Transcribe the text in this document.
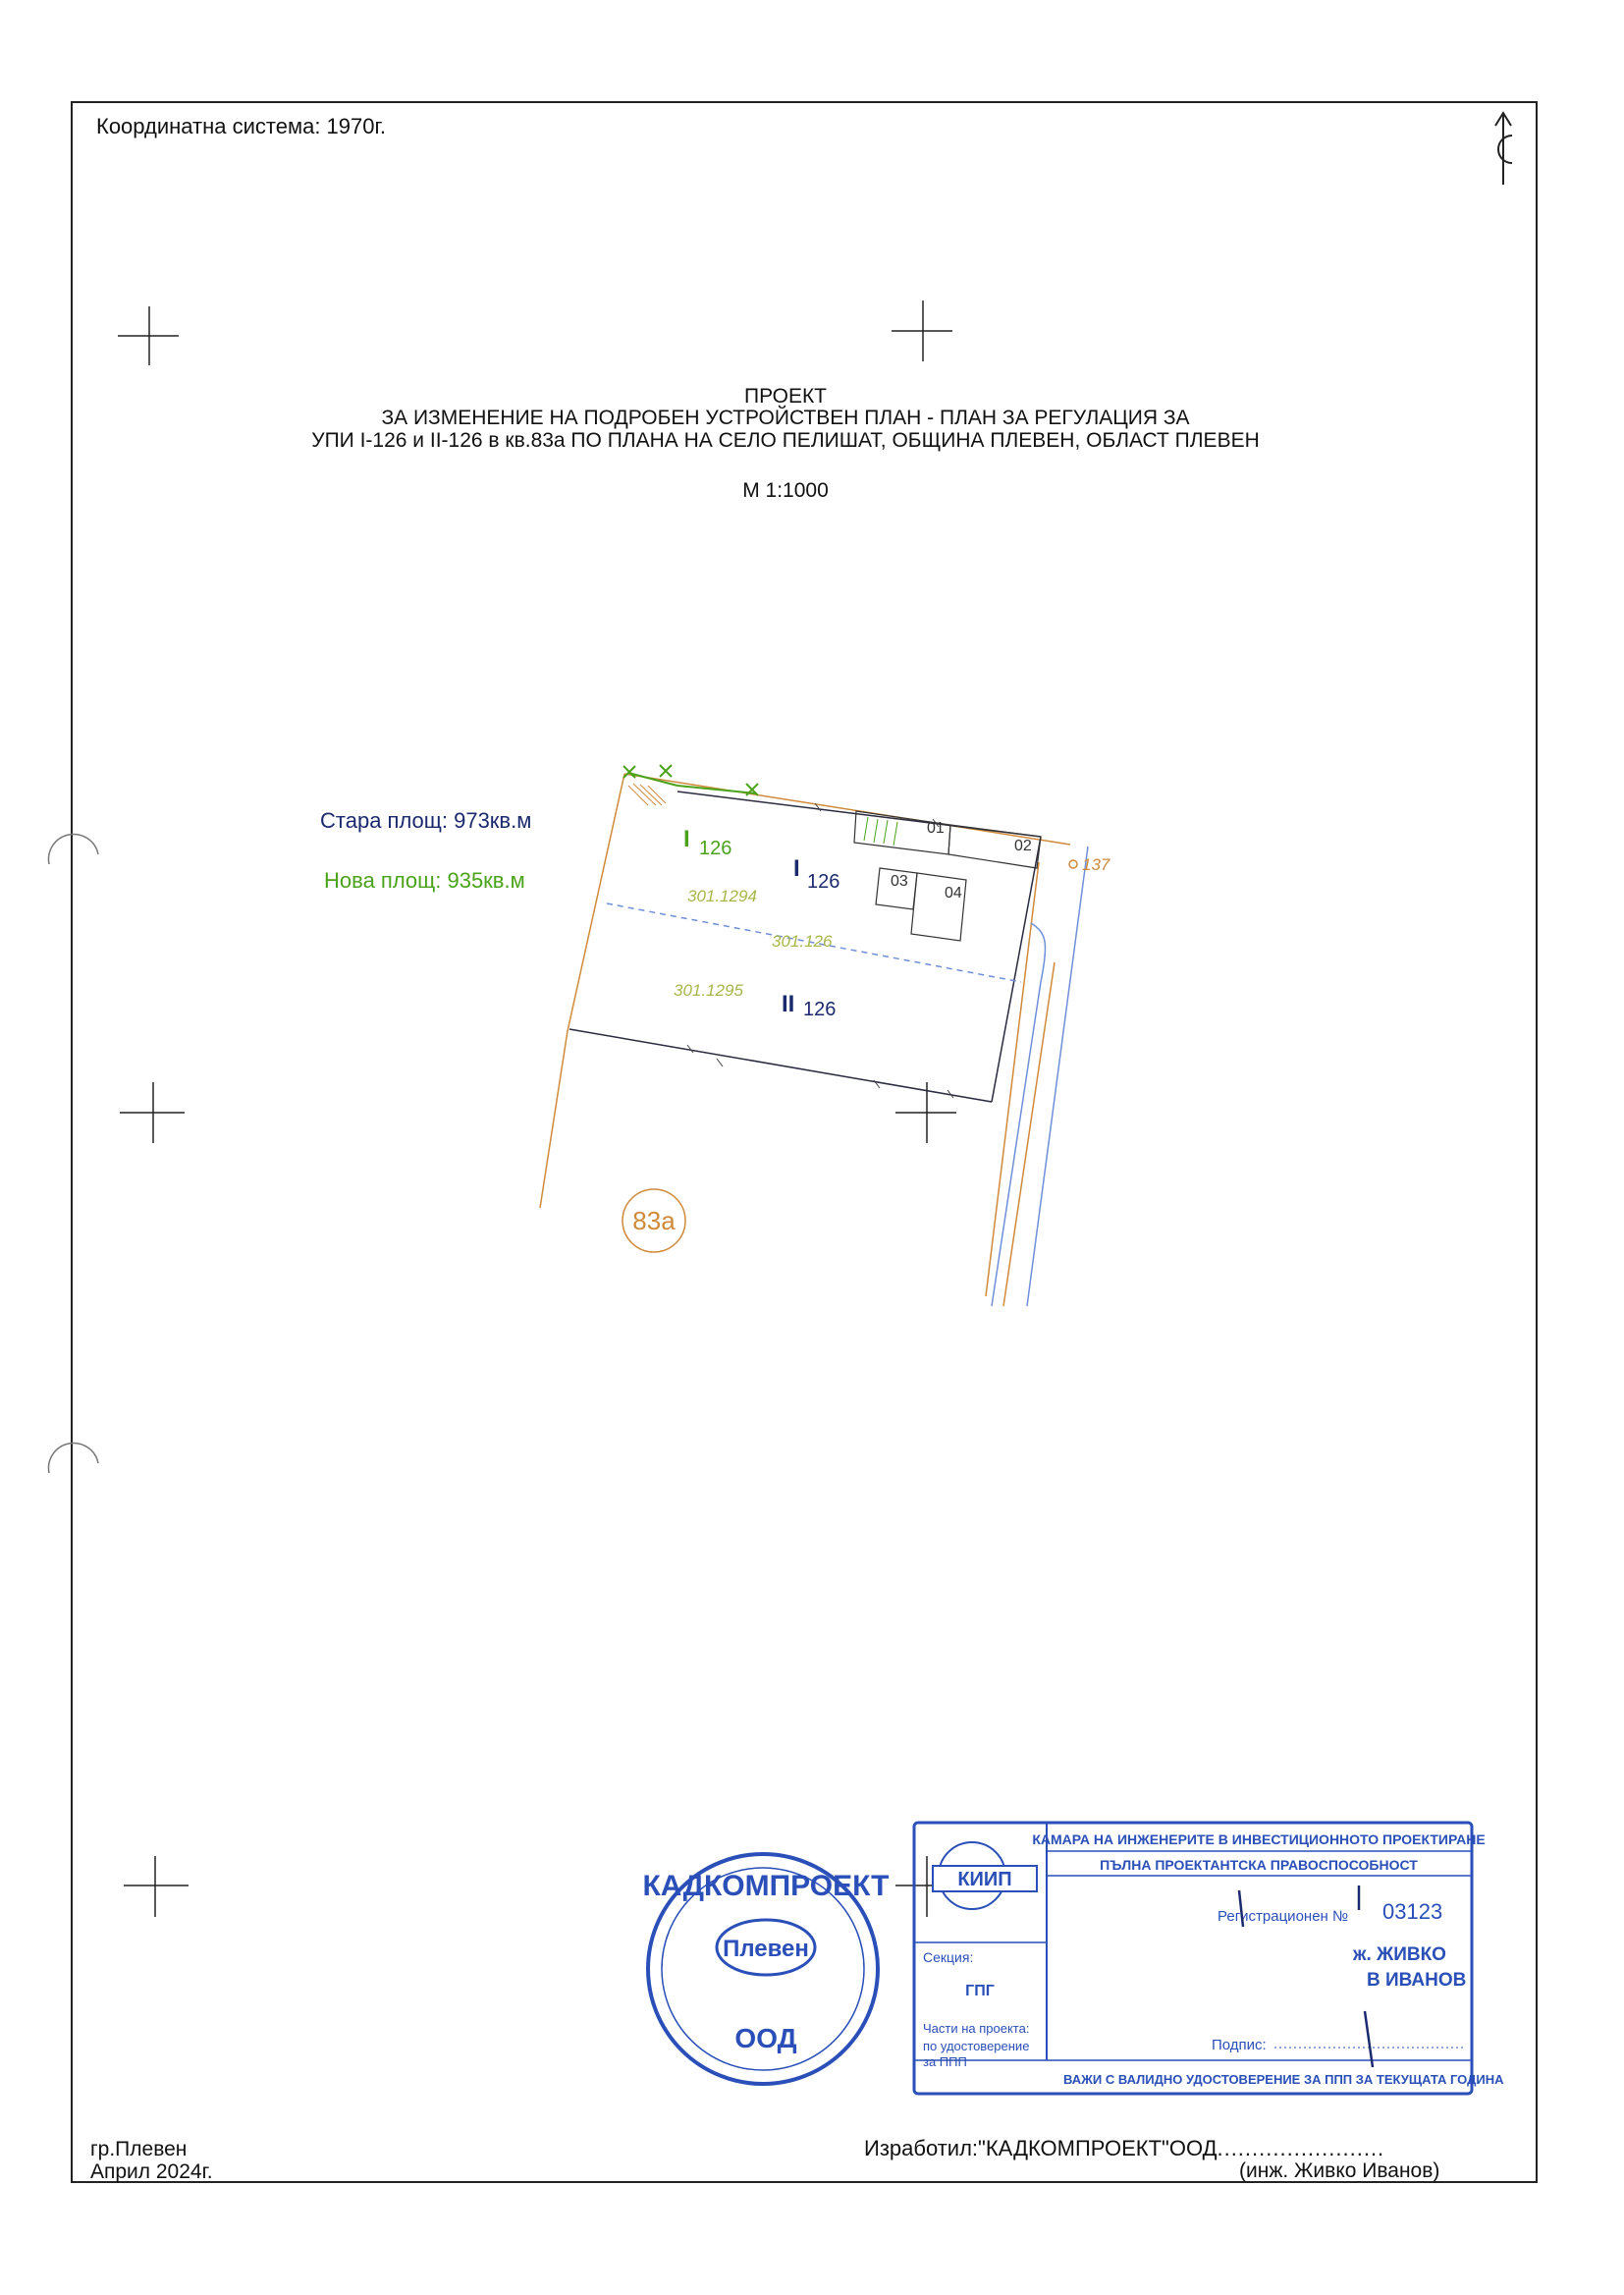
Координатна система: 1970г.
ПРОЕКТ
ЗА ИЗМЕНЕНИЕ НА ПОДРОБЕН УСТРОЙСТВЕН ПЛАН - ПЛАН ЗА РЕГУЛАЦИЯ ЗА
УПИ I-126 и II-126 в кв.83а ПО ПЛАНА НА СЕЛО ПЕЛИШАТ, ОБЩИНА ПЛЕВЕН, ОБЛАСТ ПЛЕВЕН
М 1:1000
Стара площ: 973кв.м
Нова площ: 935кв.м
01
02
03
04
I 126
I 126
II 126
301.1294
301.126
301.1295
137
83а
Плевен
КАДКОМПРОЕКТ
ООД
КИИП
КАМАРА НА ИНЖЕНЕРИТЕ В ИНВЕСТИЦИОННОТО ПРОЕКТИРАНЕ
ПЪЛНА ПРОЕКТАНТСКА ПРАВОСПОСОБНОСТ
Регистрационен № 03123
ж. ЖИВКО
В ИВАНОВ
Секция:
ГПГ
Части на проекта:
по удостоверение
за ППП
Подпис:
ВАЖИ С ВАЛИДНО УДОСТОВЕРЕНИЕ ЗА ППП ЗА ТЕКУЩАТА ГОДИНА
гр.Плевен
Април 2024г.
Изработил:"КАДКОМПРОЕКТ"ООД........................
(инж. Живко Иванов)
